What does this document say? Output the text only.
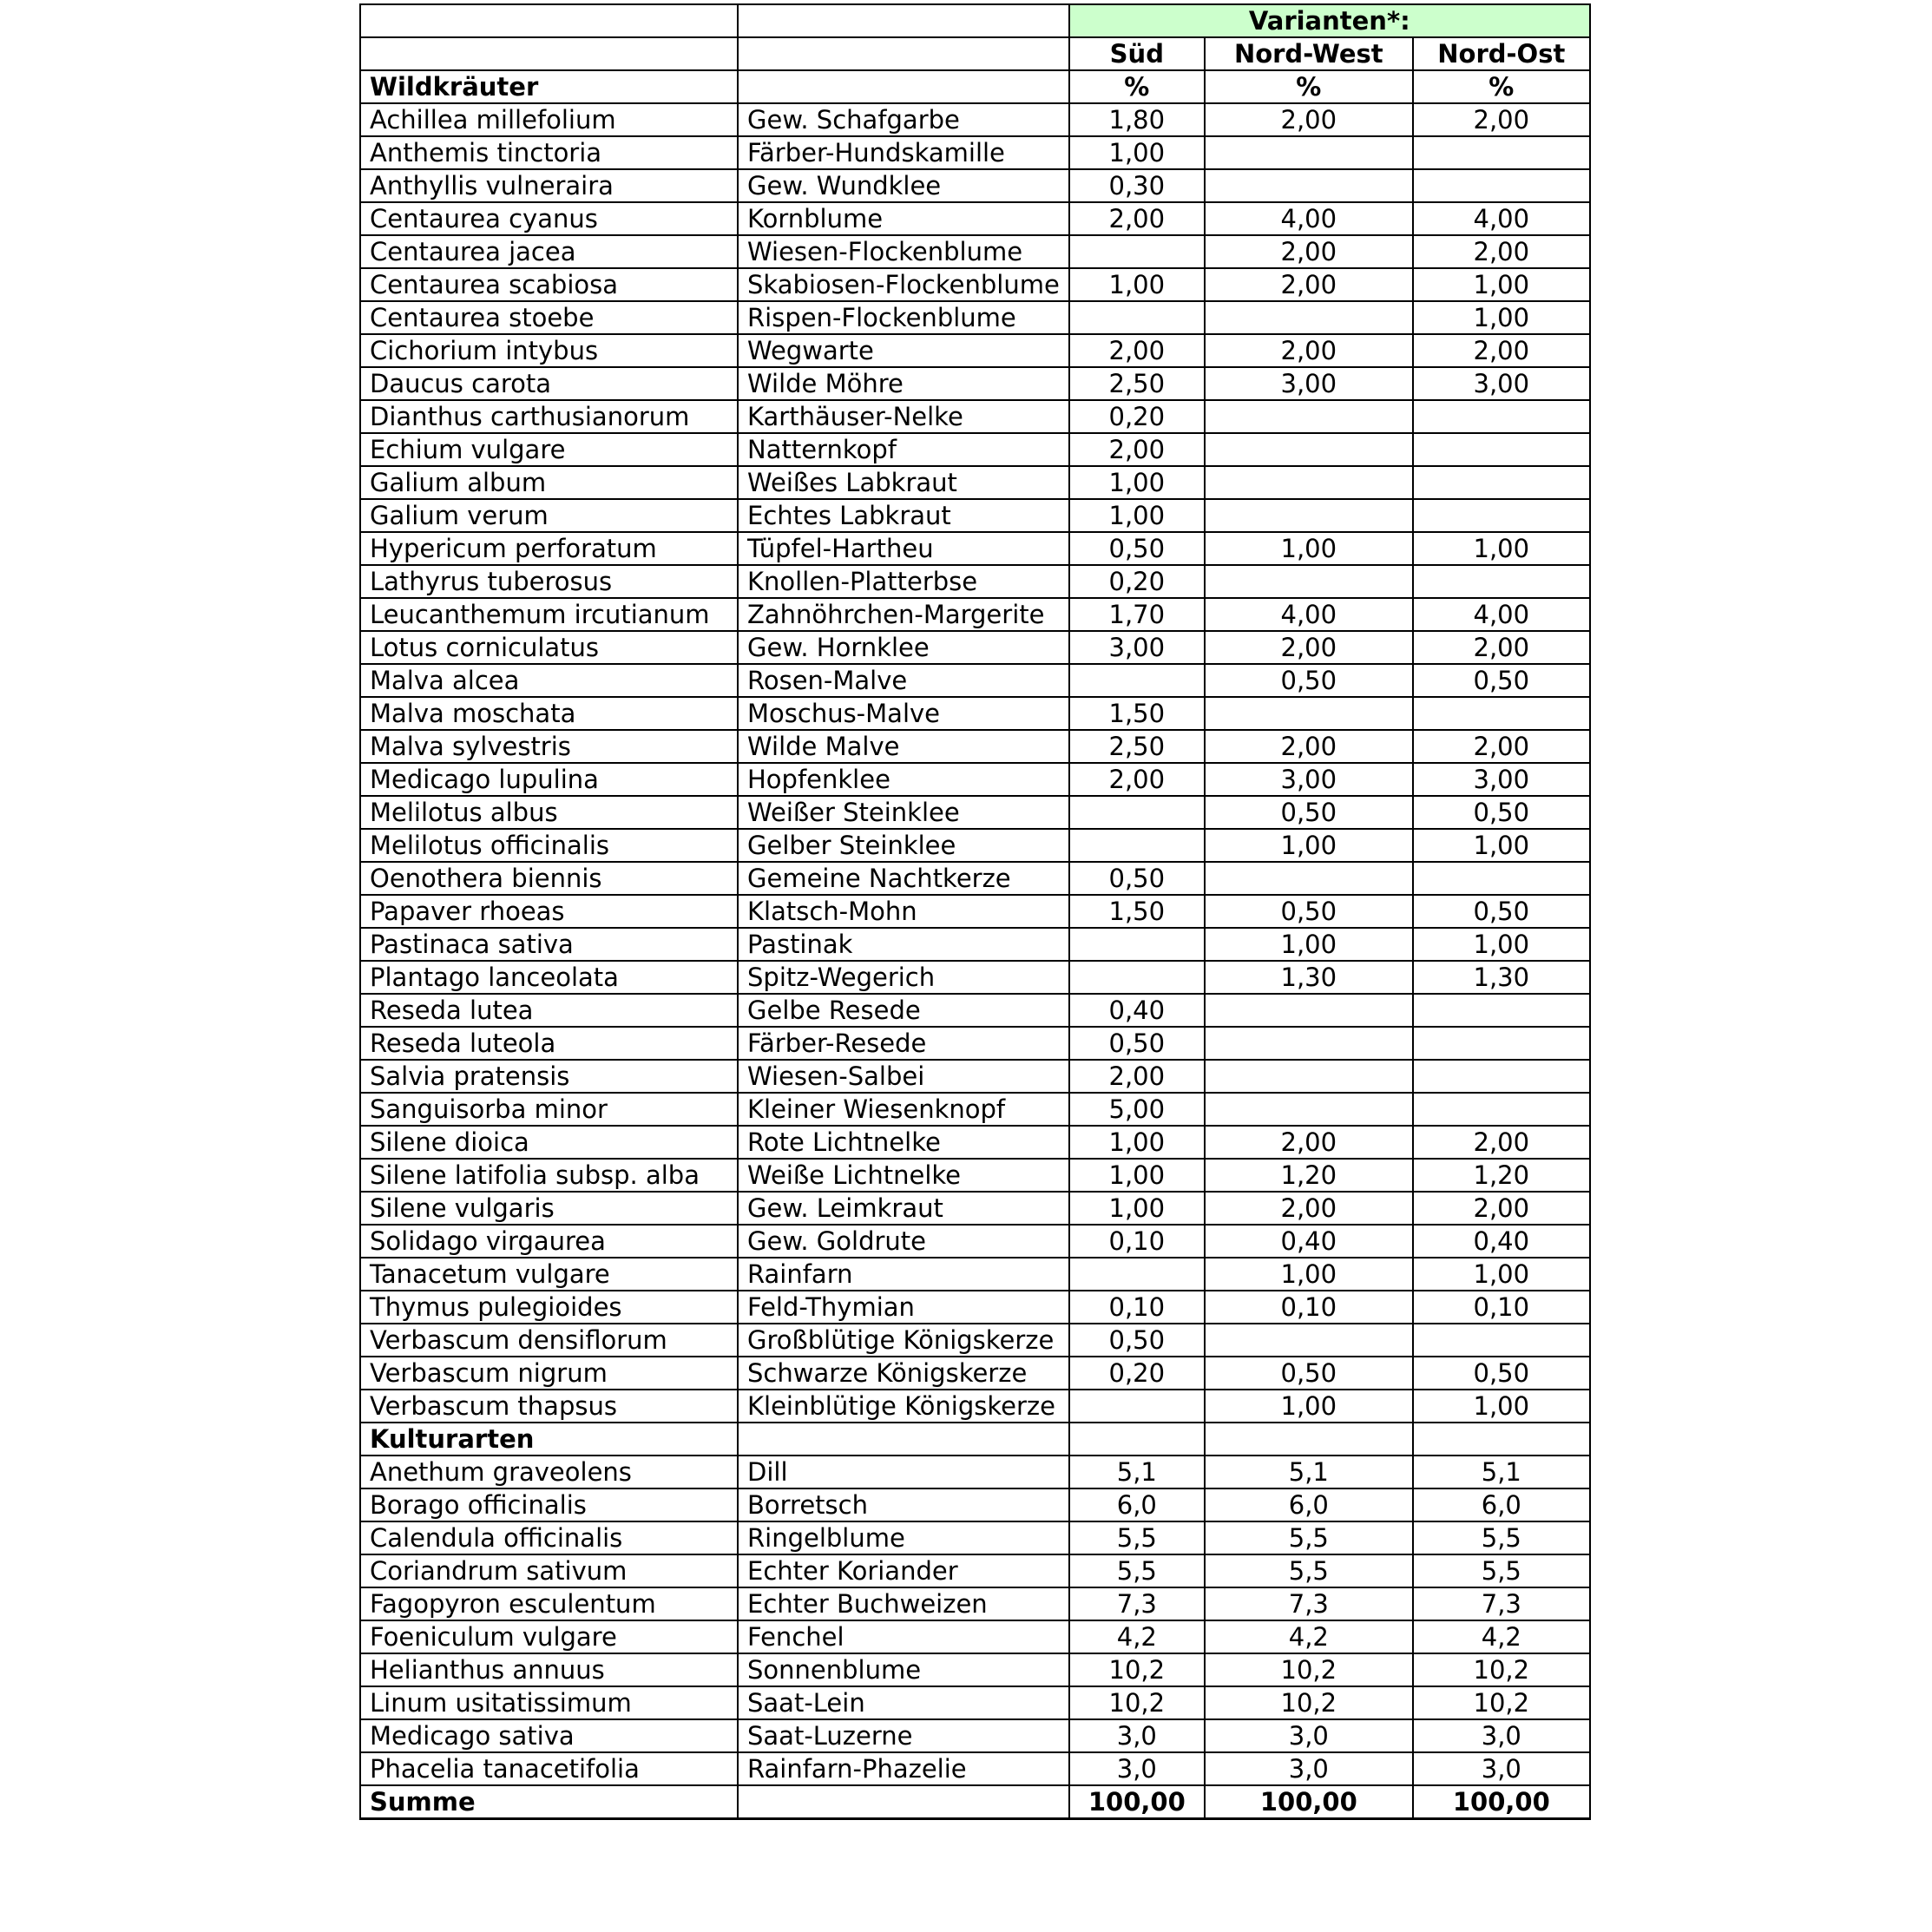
		Varianten*:		
		Süd	Nord-West	Nord-Ost
Wildkräuter		%	%	%
Achillea millefolium	Gew. Schafgarbe	1,80	2,00	2,00
Anthemis tinctoria	Färber-Hundskamille	1,00		
Anthyllis vulneraira	Gew. Wundklee	0,30		
Centaurea cyanus	Kornblume	2,00	4,00	4,00
Centaurea jacea	Wiesen-Flockenblume		2,00	2,00
Centaurea scabiosa	Skabiosen-Flockenblume	1,00	2,00	1,00
Centaurea stoebe	Rispen-Flockenblume			1,00
Cichorium intybus	Wegwarte	2,00	2,00	2,00
Daucus carota	Wilde Möhre	2,50	3,00	3,00
Dianthus carthusianorum	Karthäuser-Nelke	0,20		
Echium vulgare	Natternkopf	2,00		
Galium album	Weißes Labkraut	1,00		
Galium verum	Echtes Labkraut	1,00		
Hypericum perforatum	Tüpfel-Hartheu	0,50	1,00	1,00
Lathyrus tuberosus	Knollen-Platterbse	0,20		
Leucanthemum ircutianum	Zahnöhrchen-Margerite	1,70	4,00	4,00
Lotus corniculatus	Gew. Hornklee	3,00	2,00	2,00
Malva alcea	Rosen-Malve		0,50	0,50
Malva moschata	Moschus-Malve	1,50		
Malva sylvestris	Wilde Malve	2,50	2,00	2,00
Medicago lupulina	Hopfenklee	2,00	3,00	3,00
Melilotus albus	Weißer Steinklee		0,50	0,50
Melilotus officinalis	Gelber Steinklee		1,00	1,00
Oenothera biennis	Gemeine Nachtkerze	0,50		
Papaver rhoeas	Klatsch-Mohn	1,50	0,50	0,50
Pastinaca sativa	Pastinak		1,00	1,00
Plantago lanceolata	Spitz-Wegerich		1,30	1,30
Reseda lutea	Gelbe Resede	0,40		
Reseda luteola	Färber-Resede	0,50		
Salvia pratensis	Wiesen-Salbei	2,00		
Sanguisorba minor	Kleiner Wiesenknopf	5,00		
Silene dioica	Rote Lichtnelke	1,00	2,00	2,00
Silene latifolia subsp. alba	Weiße Lichtnelke	1,00	1,20	1,20
Silene vulgaris	Gew. Leimkraut	1,00	2,00	2,00
Solidago virgaurea	Gew. Goldrute	0,10	0,40	0,40
Tanacetum vulgare	Rainfarn		1,00	1,00
Thymus pulegioides	Feld-Thymian	0,10	0,10	0,10
Verbascum densiflorum	Großblütige Königskerze	0,50		
Verbascum nigrum	Schwarze Königskerze	0,20	0,50	0,50
Verbascum thapsus	Kleinblütige Königskerze		1,00	1,00
Kulturarten				
Anethum graveolens	Dill	5,1	5,1	5,1
Borago officinalis	Borretsch	6,0	6,0	6,0
Calendula officinalis	Ringelblume	5,5	5,5	5,5
Coriandrum sativum	Echter Koriander	5,5	5,5	5,5
Fagopyron esculentum	Echter Buchweizen	7,3	7,3	7,3
Foeniculum vulgare	Fenchel	4,2	4,2	4,2
Helianthus annuus	Sonnenblume	10,2	10,2	10,2
Linum usitatissimum	Saat-Lein	10,2	10,2	10,2
Medicago sativa	Saat-Luzerne	3,0	3,0	3,0
Phacelia tanacetifolia	Rainfarn-Phazelie	3,0	3,0	3,0
Summe		100,00	100,00	100,00
